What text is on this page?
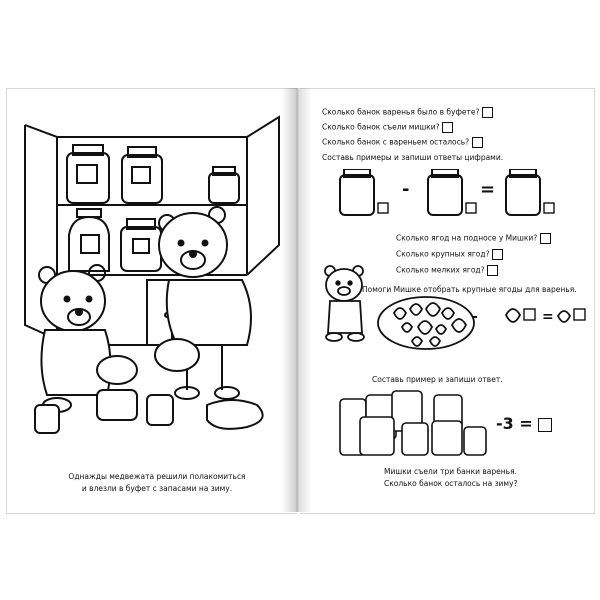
Однажды медвежата решили полакомиться
и влезли в буфет с запасами на зиму.
Сколько банок варенья было в буфете?
Сколько банок съели мишки?
Сколько банок с вареньем осталось?
Составь примеры и запиши ответы цифрами.
-	=
Сколько ягод на подносе у Мишки?
Сколько крупных ягод?
Сколько мелких ягод?
Помоги Мишке отобрать крупные ягоды для варенья.
-	=
Составь пример и запиши ответ.
-3 =
Мишки съели три банки варенья.
Сколько банок осталось на зиму?
